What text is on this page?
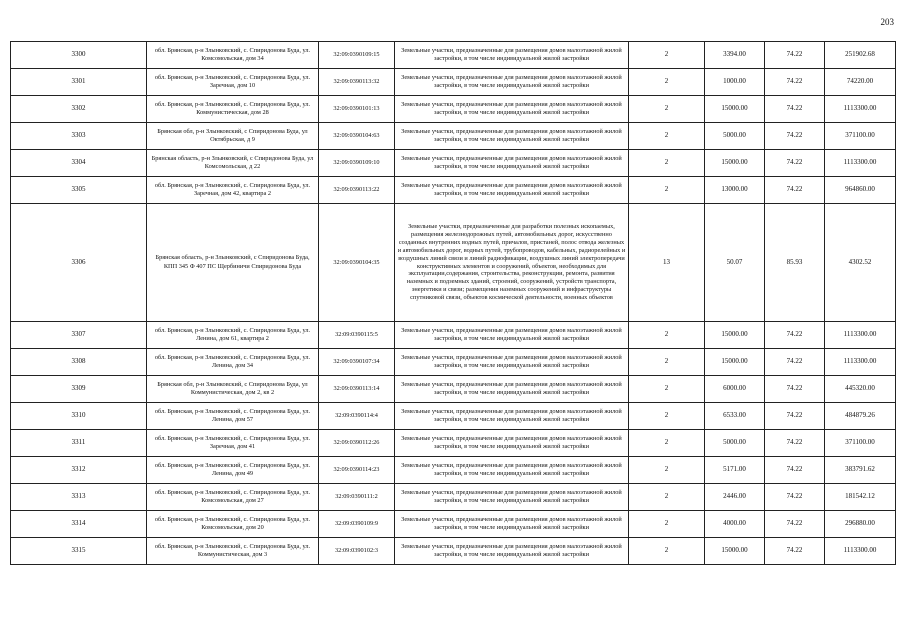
203
3300	обл. Брянская, р-н Злынковский, с. Спиридонова Буда, ул. Комсомольская, дом 34	32:09:0390109:15	Земельные участки, предназначенные для размещения домов малоэтажной жилой застройки, в том числе индивидуальной жилой застройки	2	3394.00	74.22	251902.68
3301	обл. Брянская, р-н Злынковский, с. Спиридонова Буда, ул. Заречная, дом 10	32:09:0390113:32	Земельные участки, предназначенные для размещения домов малоэтажной жилой застройки, в том числе индивидуальной жилой застройки	2	1000.00	74.22	74220.00
3302	обл. Брянская, р-н Злынковский, с. Спиридонова Буда, ул. Коммунистическая, дом 28	32:09:0390101:13	Земельные участки, предназначенные для размещения домов малоэтажной жилой застройки, в том числе индивидуальной жилой застройки	2	15000.00	74.22	1113300.00
3303	Брянская обл, р-н Злынковский, с Спиридонова Буда, ул Октябрьская, д 9	32:09:0390104:63	Земельные участки, предназначенные для размещения домов малоэтажной жилой застройки, в том числе индивидуальной жилой застройки	2	5000.00	74.22	371100.00
3304	Брянская область, р-н Злынковский, с Спиридонова Буда, ул Комсомольская, д 22	32:09:0390109:10	Земельные участки, предназначенные для размещения домов малоэтажной жилой застройки, в том числе индивидуальной жилой застройки	2	15000.00	74.22	1113300.00
3305	обл. Брянская, р-н Злынковский, с. Спиридонова Буда, ул. Заречная, дом 42, квартира 2	32:09:0390113:22	Земельные участки, предназначенные для размещения домов малоэтажной жилой застройки, в том числе индивидуальной жилой застройки	2	13000.00	74.22	964860.00
3306	Брянская область, р-н Злынковский, с Спиридонова Буда, КПП 345 Ф 407 ПС Щербиничи Спиридонова Буда	32:09:0390104:35	Земельные участки, предназначенные для разработки полезных ископаемых, размещения железнодорожных путей, автомобильных дорог, искусственно созданных внутренних водных путей, причалов, пристаней, полос отвода железных и автомобильных дорог, водных путей, трубопроводов, кабельных, радиорелейных и воздушных линий связи и линий радиофикации, воздушных линий электропередачи конструктивных элементов и сооружений, объектов, необходимых для эксплуатации,содержания, строительства, реконструкции, ремонта, развития наземных и подземных зданий, строений, сооружений, устройств транспорта, энергетики и связи; размещения наземных сооружений и инфраструктуры спутниковой связи, объектов космической деятельности, военных объектов	13	50.07	85.93	4302.52
3307	обл. Брянская, р-н Злынковский, с. Спиридонова Буда, ул. Ленина, дом 61, квартира 2	32:09:0390115:5	Земельные участки, предназначенные для размещения домов малоэтажной жилой застройки, в том числе индивидуальной жилой застройки	2	15000.00	74.22	1113300.00
3308	обл. Брянская, р-н Злынковский, с. Спиридонова Буда, ул. Ленина, дом 34	32:09:0390107:34	Земельные участки, предназначенные для размещения домов малоэтажной жилой застройки, в том числе индивидуальной жилой застройки	2	15000.00	74.22	1113300.00
3309	Брянская обл, р-н Злынковский, с Спиридонова Буда, ул Коммунистическая, дом 2, кв 2	32:09:0390113:14	Земельные участки, предназначенные для размещения домов малоэтажной жилой застройки, в том числе индивидуальной жилой застройки	2	6000.00	74.22	445320.00
3310	обл. Брянская, р-н Злынковский, с. Спиридонова Буда, ул. Ленина, дом 57	32:09:0390114:4	Земельные участки, предназначенные для размещения домов малоэтажной жилой застройки, в том числе индивидуальной жилой застройки	2	6533.00	74.22	484879.26
3311	обл. Брянская, р-н Злынковский, с. Спиридонова Буда, ул. Заречная, дом 41	32:09:0390112:26	Земельные участки, предназначенные для размещения домов малоэтажной жилой застройки, в том числе индивидуальной жилой застройки	2	5000.00	74.22	371100.00
3312	обл. Брянская, р-н Злынковский, с. Спиридонова Буда, ул. Ленина, дом 49	32:09:0390114:23	Земельные участки, предназначенные для размещения домов малоэтажной жилой застройки, в том числе индивидуальной жилой застройки	2	5171.00	74.22	383791.62
3313	обл. Брянская, р-н Злынковский, с. Спиридонова Буда, ул. Комсомольская, дом 27	32:09:0390111:2	Земельные участки, предназначенные для размещения домов малоэтажной жилой застройки, в том числе индивидуальной жилой застройки	2	2446.00	74.22	181542.12
3314	обл. Брянская, р-н Злынковский, с. Спиридонова Буда, ул. Комсомольская, дом 20	32:09:0390109:9	Земельные участки, предназначенные для размещения домов малоэтажной жилой застройки, в том числе индивидуальной жилой застройки	2	4000.00	74.22	296880.00
3315	обл. Брянская, р-н Злынковский, с. Спиридонова Буда, ул. Коммунистическая, дом 3	32:09:0390102:3	Земельные участки, предназначенные для размещения домов малоэтажной жилой застройки, в том числе индивидуальной жилой застройки	2	15000.00	74.22	1113300.00
